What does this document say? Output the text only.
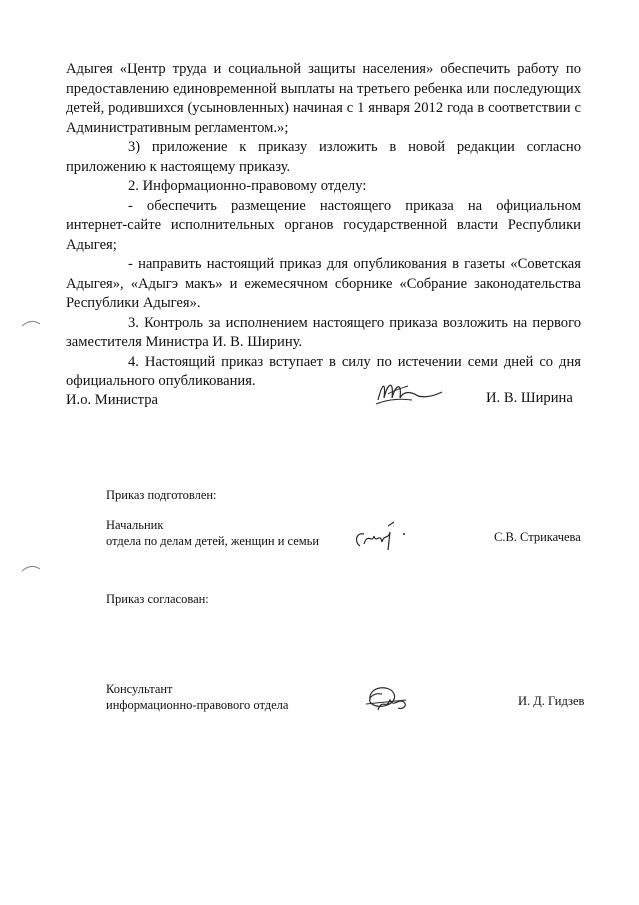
Адыгея «Центр труда и социальной защиты населения» обеспечить работу по предоставлению единовременной выплаты на третьего ребенка или последующих детей, родившихся (усыновленных) начиная с 1 января 2012 года в соответствии с Административным регламентом.»;

3) приложение к приказу изложить в новой редакции согласно приложению к настоящему приказу.

2. Информационно-правовому отделу:

- обеспечить размещение настоящего приказа на официальном интернет-сайте исполнительных органов государственной власти Республики Адыгея;

- направить настоящий приказ для опубликования в газеты «Советская Адыгея», «Адыгэ макъ» и ежемесячном сборнике «Собрание законодательства Республики Адыгея».

3. Контроль за исполнением настоящего приказа возложить на первого заместителя Министра И. В. Ширину.

4. Настоящий приказ вступает в силу по истечении семи дней со дня официального опубликования.

И.о. Министра	И. В. Ширина
Приказ подготовлен:
Начальник
отдела по делам детей, женщин и семьи	С.В. Стрикачева
Приказ согласован:
Консультант
информационно-правового отдела	И. Д. Гидзев
